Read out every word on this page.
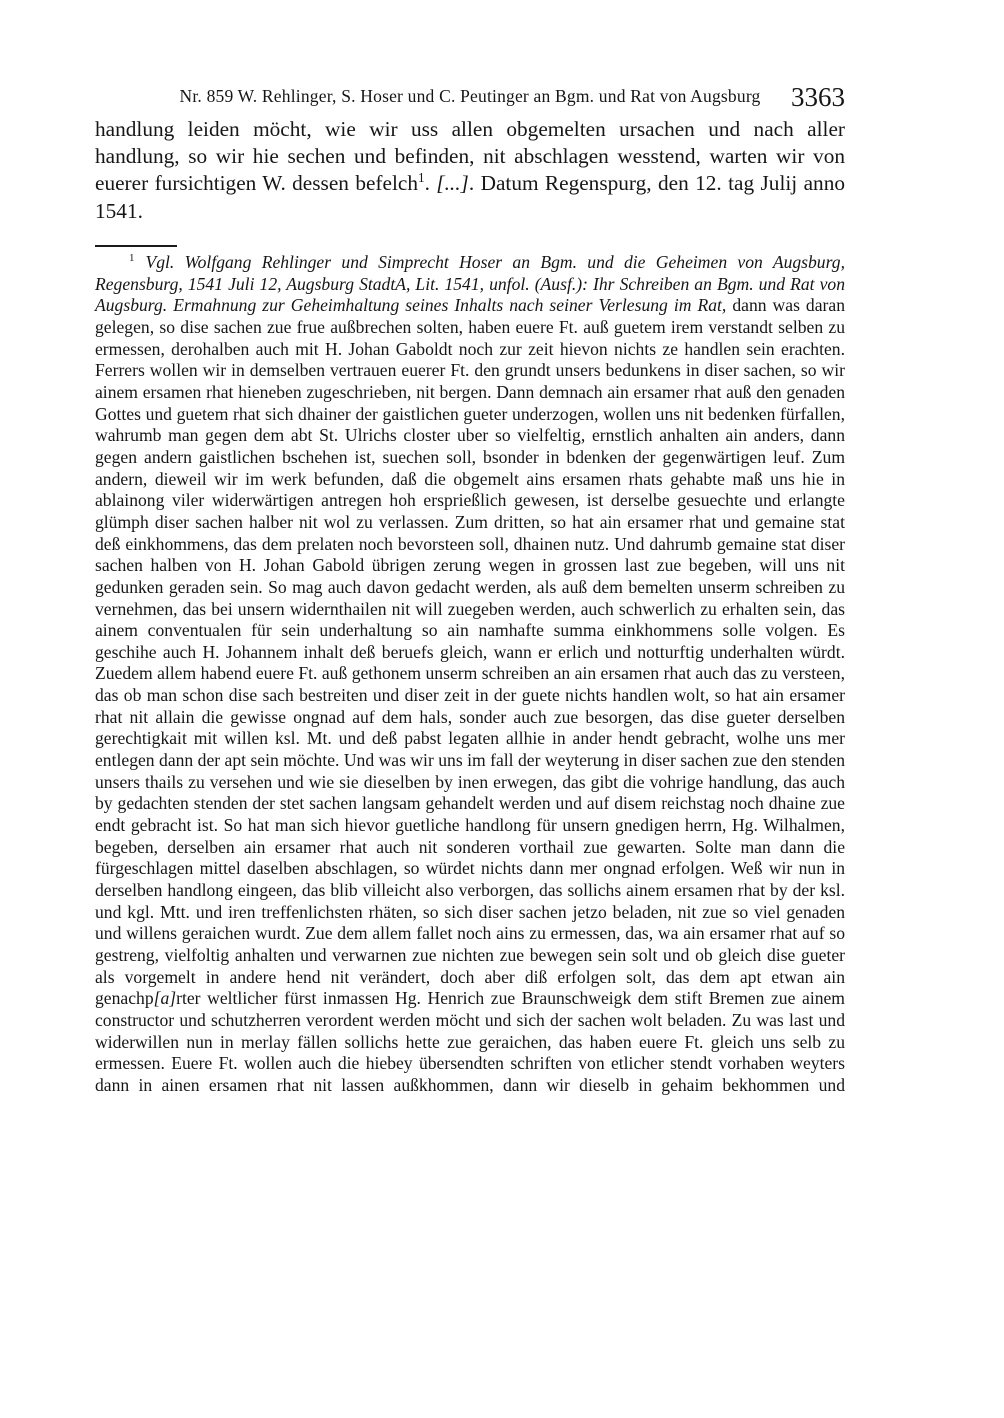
Nr. 859 W. Rehlinger, S. Hoser und C. Peutinger an Bgm. und Rat von Augsburg 3363
handlung leiden möcht, wie wir uss allen obgemelten ursachen und nach aller handlung, so wir hie sechen und befinden, nit abschlagen wesstend, warten wir von euerer fursichtigen W. dessen befelch$^1$. [...]. Datum Regenspurg, den 12. tag Julij anno 1541.
$^1$ Vgl. Wolfgang Rehlinger und Simprecht Hoser an Bgm. und die Geheimen von Augsburg, Regensburg, 1541 Juli 12, Augsburg StadtA, Lit. 1541, unfol. (Ausf.): Ihr Schreiben an Bgm. und Rat von Augsburg. Ermahnung zur Geheimhaltung seines Inhalts nach seiner Verlesung im Rat, dann was daran gelegen, so dise sachen zue frue außbrechen solten, haben euere Ft. auß guetem irem verstandt selben zu ermessen, derohalben auch mit H. Johan Gaboldt noch zur zeit hievon nichts ze handlen sein erachten. Ferrers wollen wir in demselben vertrauen euerer Ft. den grundt unsers bedunkens in diser sachen, so wir ainem ersamen rhat hieneben zugeschrieben, nit bergen. Dann demnach ain ersamer rhat auß den genaden Gottes und guetem rhat sich dhainer der gaistlichen gueter underzogen, wollen uns nit bedenken fürfallen, wahrumb man gegen dem abt St. Ulrichs closter uber so vielfeltig, ernstlich anhalten ain anders, dann gegen andern gaistlichen bschehen ist, suechen soll, bsonder in bdenken der gegenwärtigen leuf. Zum andern, dieweil wir im werk befunden, daß die obgemelt ains ersamen rhats gehabte maß uns hie in ablainong viler widerwärtigen antregen hoh ersprießlich gewesen, ist derselbe gesuechte und erlangte glümph diser sachen halber nit wol zu verlassen. Zum dritten, so hat ain ersamer rhat und gemaine stat deß einkhommens, das dem prelaten noch bevorsteen soll, dhainen nutz. Und dahrumb gemaine stat diser sachen halben von H. Johan Gabold übrigen zerung wegen in grossen last zue begeben, will uns nit gedunken geraden sein. So mag auch davon gedacht werden, als auß dem bemelten unserm schreiben zu vernehmen, das bei unsern widernthailen nit will zuegeben werden, auch schwerlich zu erhalten sein, das ainem conventualen für sein underhaltung so ain namhafte summa einkhommens solle volgen. Es geschihe auch H. Johannem inhalt deß beruefs gleich, wann er erlich und notturftig underhalten würdt. Zuedem allem habend euere Ft. auß gethonem unserm schreiben an ain ersamen rhat auch das zu versteen, das ob man schon dise sach bestreiten und diser zeit in der guete nichts handlen wolt, so hat ain ersamer rhat nit allain die gewisse ongnad auf dem hals, sonder auch zue besorgen, das dise gueter derselben gerechtigkait mit willen ksl. Mt. und deß pabst legaten allhie in ander hendt gebracht, wolhe uns mer entlegen dann der apt sein möchte. Und was wir uns im fall der weyterung in diser sachen zue den stenden unsers thails zu versehen und wie sie dieselben by inen erwegen, das gibt die vohrige handlung, das auch by gedachten stenden der stet sachen langsam gehandelt werden und auf disem reichstag noch dhaine zue endt gebracht ist. So hat man sich hievor guetliche handlong für unsern gnedigen herrn, Hg. Wilhalmen, begeben, derselben ain ersamer rhat auch nit sonderen vorthail zue gewarten. Solte man dann die fürgeschlagen mittel daselben abschlagen, so würdet nichts dann mer ongnad erfolgen. Weß wir nun in derselben handlong eingeen, das blib villeicht also verborgen, das sollichs ainem ersamen rhat by der ksl. und kgl. Mtt. und iren treffenlichsten rhäten, so sich diser sachen jetzo beladen, nit zue so viel genaden und willens geraichen wurdt. Zue dem allem fallet noch ains zu ermessen, das, wa ain ersamer rhat auf so gestreng, vielfoltig anhalten und verwarnen zue nichten zue bewegen sein solt und ob gleich dise gueter als vorgemelt in andere hend nit verändert, doch aber diß erfolgen solt, das dem apt etwan ain genachp[a]rter weltlicher fürst inmassen Hg. Henrich zue Braunschweigk dem stift Bremen zue ainem constructor und schutzherren verordent werden möcht und sich der sachen wolt beladen. Zu was last und widerwillen nun in merlay fällen sollichs hette zue geraichen, das haben euere Ft. gleich uns selb zu ermessen. Euere Ft. wollen auch die hiebey übersendten schriften von etlicher stendt vorhaben weyters dann in ainen ersamen rhat nit lassen außkhommen, dann wir dieselb in gehaim bekhommen und
